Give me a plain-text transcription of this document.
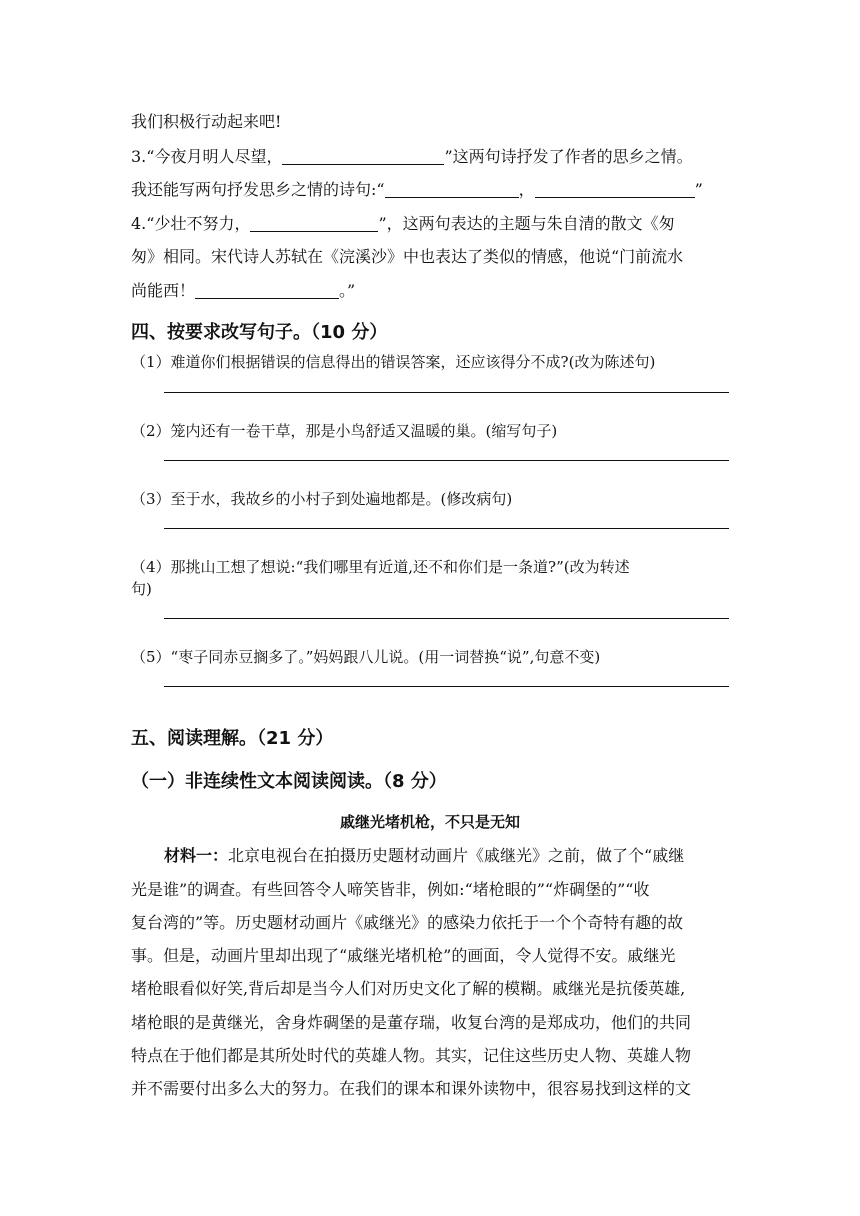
我们积极行动起来吧!
3.“今夜月明人尽望，	”这两句诗抒发了作者的思乡之情。
我还能写两句抒发思乡之情的诗句:“	，	”
4.“少壮不努力，	”，这两句表达的主题与朱自清的散文《匆
匆》相同。宋代诗人苏轼在《浣溪沙》中也表达了类似的情感，他说“门前流水
尚能西！	。”
四、按要求改写句子。（10 分）
（1）难道你们根据错误的信息得出的错误答案，还应该得分不成?(改为陈述句)
（2）笼内还有一卷干草，那是小鸟舒适又温暖的巢。(缩写句子)
（3）至于水，我故乡的小村子到处遍地都是。(修改病句)
（4）那挑山工想了想说:“我们哪里有近道,还不和你们是一条道?”(改为转述
句)
（5）“枣子同赤豆搁多了。”妈妈跟八儿说。(用一词替换“说”,句意不变)
五、阅读理解。（21 分）
（一）非连续性文本阅读阅读。（8 分）
戚继光堵机枪，不只是无知
材料一：北京电视台在拍摄历史题材动画片《戚继光》之前，做了个“戚继
光是谁”的调查。有些回答令人啼笑皆非，例如:“堵枪眼的”“炸碉堡的”“收
复台湾的”等。历史题材动画片《戚继光》的感染力依托于一个个奇特有趣的故
事。但是，动画片里却出现了“戚继光堵机枪”的画面，令人觉得不安。戚继光
堵枪眼看似好笑,背后却是当今人们对历史文化了解的模糊。戚继光是抗倭英雄,
堵枪眼的是黄继光，舍身炸碉堡的是董存瑞，收复台湾的是郑成功，他们的共同
特点在于他们都是其所处时代的英雄人物。其实，记住这些历史人物、英雄人物
并不需要付出多么大的努力。在我们的课本和课外读物中，很容易找到这样的文
